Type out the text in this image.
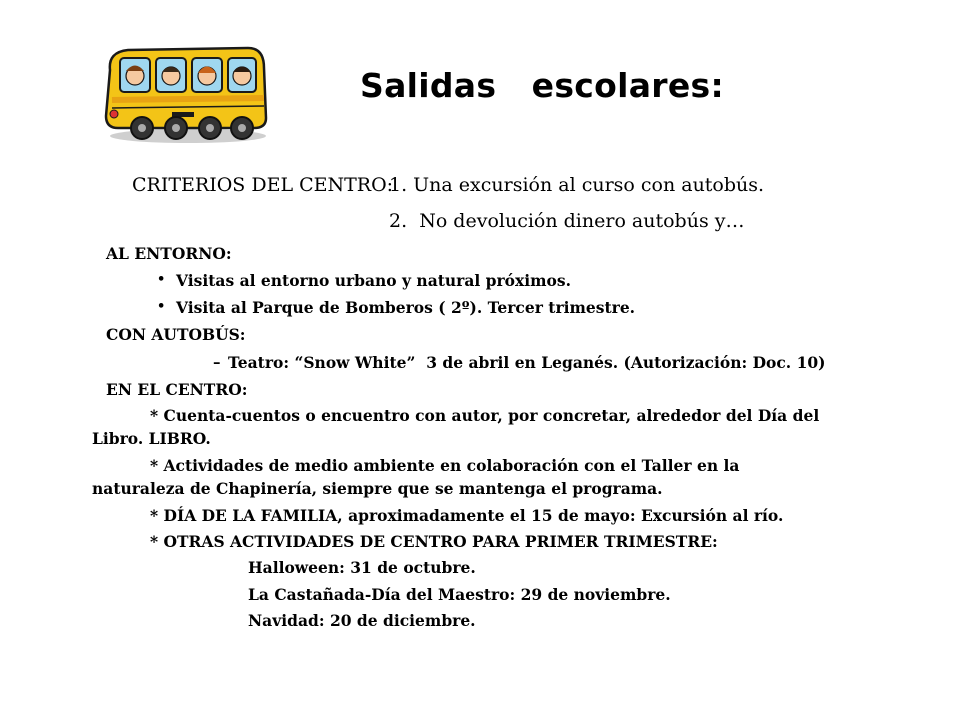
Salidas   escolares:
CRITERIOS DEL CENTRO:
1. Una excursión al curso con autobús.
2.  No devolución dinero autobús y…
AL ENTORNO:
• Visitas al entorno urbano y natural próximos.
• Visita al Parque de Bomberos ( 2º). Tercer trimestre.
CON AUTOBÚS:
– Teatro: “Snow White”  3 de abril en Leganés. (Autorización: Doc. 10)
EN EL CENTRO:
* Cuenta-cuentos o encuentro con autor, por concretar, alrededor del Día del
Libro. LIBRO.
* Actividades de medio ambiente en colaboración con el Taller en la
naturaleza de Chapinería, siempre que se mantenga el programa.
* DÍA DE LA FAMILIA, aproximadamente el 15 de mayo: Excursión al río.
* OTRAS ACTIVIDADES DE CENTRO PARA PRIMER TRIMESTRE:
Halloween: 31 de octubre.
La Castañada-Día del Maestro: 29 de noviembre.
Navidad: 20 de diciembre.
